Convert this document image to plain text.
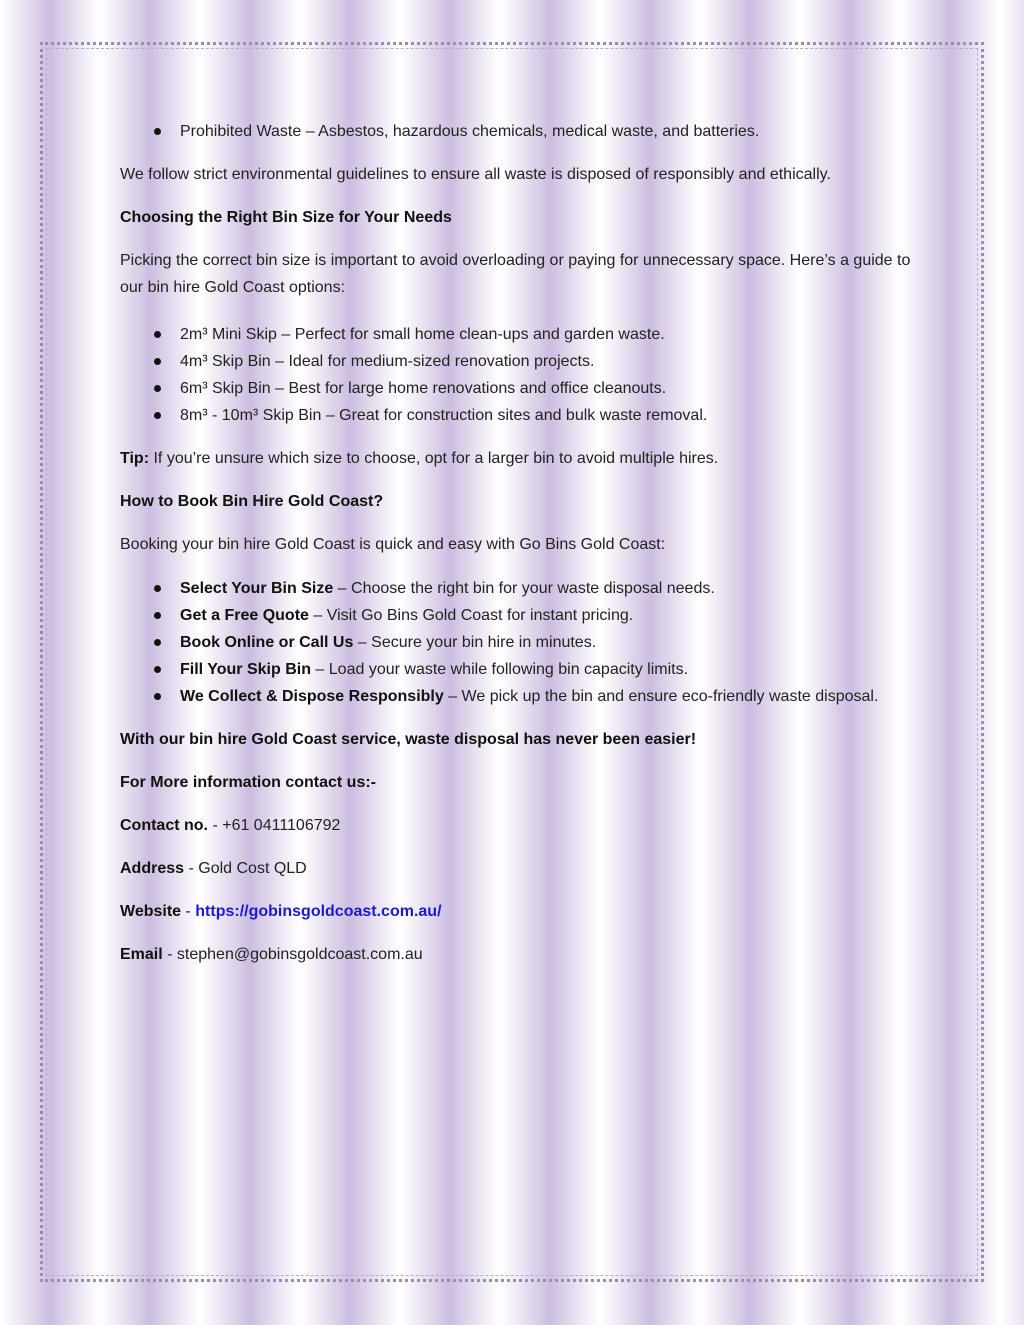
Prohibited Waste – Asbestos, hazardous chemicals, medical waste, and batteries.

We follow strict environmental guidelines to ensure all waste is disposed of responsibly and ethically.

Choosing the Right Bin Size for Your Needs

Picking the correct bin size is important to avoid overloading or paying for unnecessary space. Here’s a guide to our bin hire Gold Coast options:

2m³ Mini Skip – Perfect for small home clean-ups and garden waste.
4m³ Skip Bin – Ideal for medium-sized renovation projects.
6m³ Skip Bin – Best for large home renovations and office cleanouts.
8m³ - 10m³ Skip Bin – Great for construction sites and bulk waste removal.

Tip: If you’re unsure which size to choose, opt for a larger bin to avoid multiple hires.

How to Book Bin Hire Gold Coast?

Booking your bin hire Gold Coast is quick and easy with Go Bins Gold Coast:

Select Your Bin Size – Choose the right bin for your waste disposal needs.
Get a Free Quote – Visit Go Bins Gold Coast for instant pricing.
Book Online or Call Us – Secure your bin hire in minutes.
Fill Your Skip Bin – Load your waste while following bin capacity limits.
We Collect & Dispose Responsibly – We pick up the bin and ensure eco-friendly waste disposal.

With our bin hire Gold Coast service, waste disposal has never been easier!

For More information contact us:-

Contact no. - +61 0411106792

Address - Gold Cost QLD

Website - https://gobinsgoldcoast.com.au/

Email - stephen@gobinsgoldcoast.com.au
